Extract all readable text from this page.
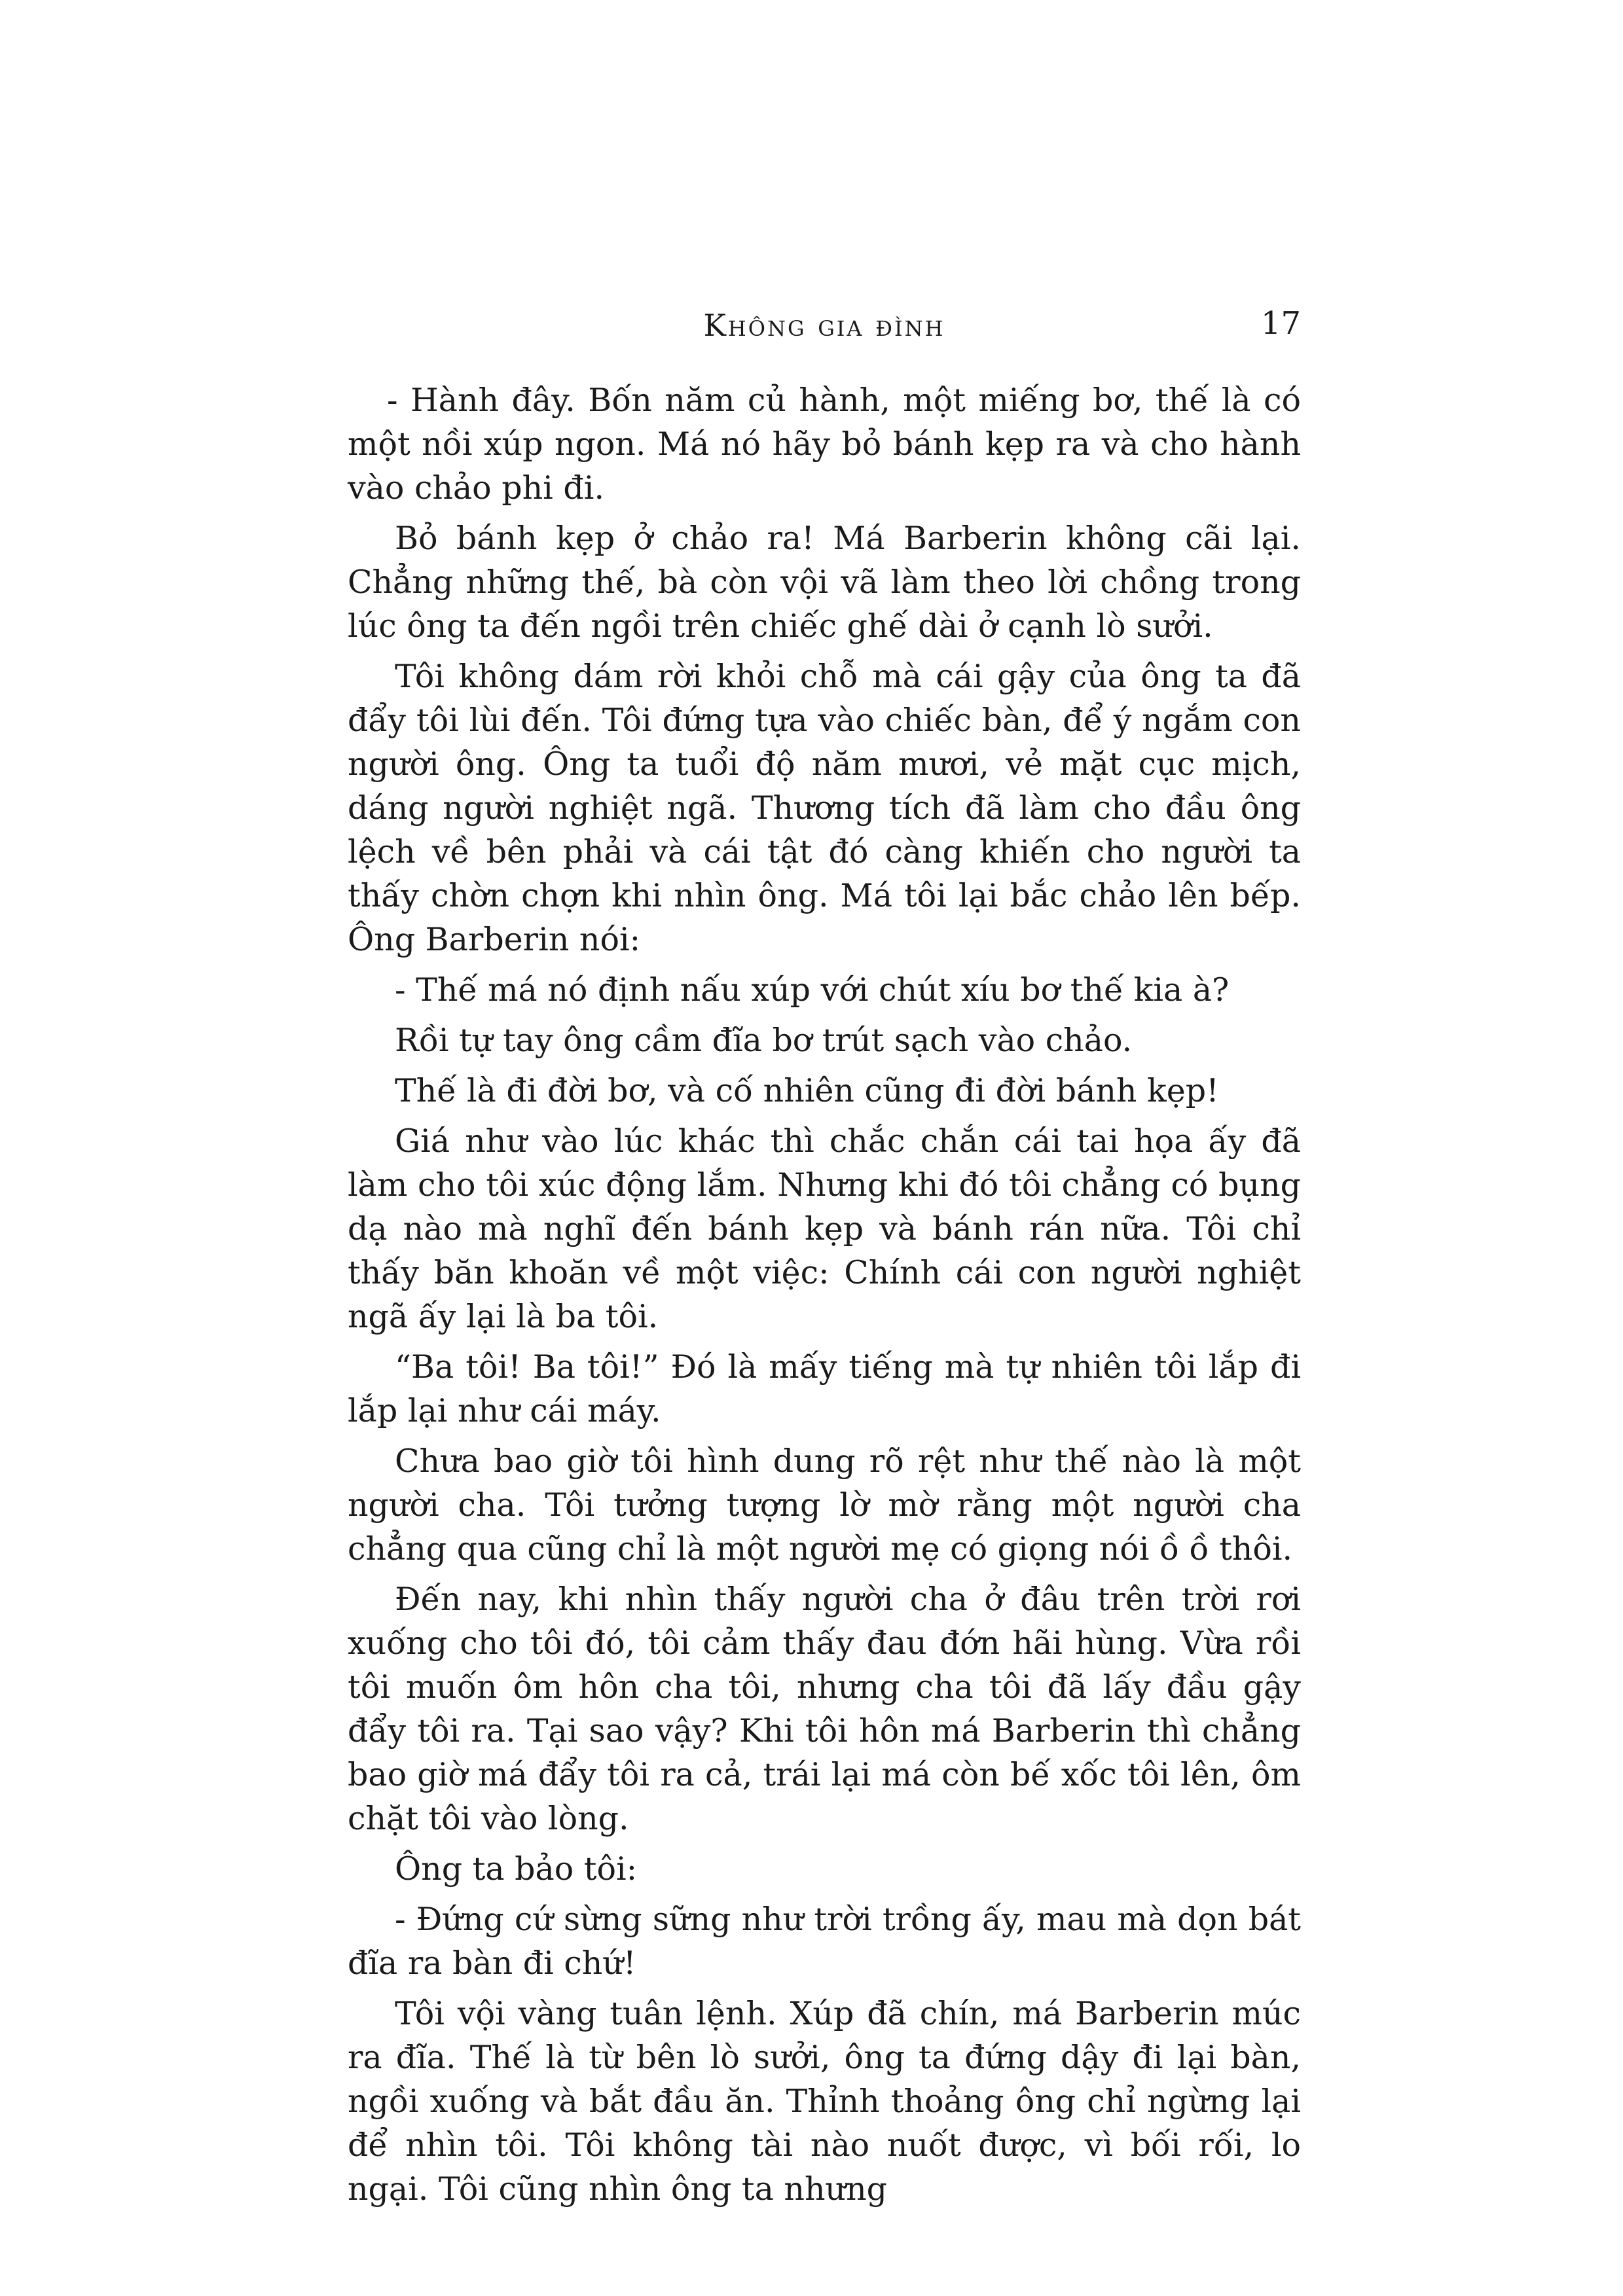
Không gia đình	17

- Hành đây. Bốn năm củ hành, một miếng bơ, thế là có một nồi xúp ngon. Má nó hãy bỏ bánh kẹp ra và cho hành vào chảo phi đi.

Bỏ bánh kẹp ở chảo ra! Má Barberin không cãi lại. Chẳng những thế, bà còn vội vã làm theo lời chồng trong lúc ông ta đến ngồi trên chiếc ghế dài ở cạnh lò sưởi.

Tôi không dám rời khỏi chỗ mà cái gậy của ông ta đã đẩy tôi lùi đến. Tôi đứng tựa vào chiếc bàn, để ý ngắm con người ông. Ông ta tuổi độ năm mươi, vẻ mặt cục mịch, dáng người nghiệt ngã. Thương tích đã làm cho đầu ông lệch về bên phải và cái tật đó càng khiến cho người ta thấy chờn chợn khi nhìn ông. Má tôi lại bắc chảo lên bếp. Ông Barberin nói:

- Thế má nó định nấu xúp với chút xíu bơ thế kia à?

Rồi tự tay ông cầm đĩa bơ trút sạch vào chảo.

Thế là đi đời bơ, và cố nhiên cũng đi đời bánh kẹp!

Giá như vào lúc khác thì chắc chắn cái tai họa ấy đã làm cho tôi xúc động lắm. Nhưng khi đó tôi chẳng có bụng dạ nào mà nghĩ đến bánh kẹp và bánh rán nữa. Tôi chỉ thấy băn khoăn về một việc: Chính cái con người nghiệt ngã ấy lại là ba tôi.

“Ba tôi! Ba tôi!” Đó là mấy tiếng mà tự nhiên tôi lắp đi lắp lại như cái máy.

Chưa bao giờ tôi hình dung rõ rệt như thế nào là một người cha. Tôi tưởng tượng lờ mờ rằng một người cha chẳng qua cũng chỉ là một người mẹ có giọng nói ồ ồ thôi.

Đến nay, khi nhìn thấy người cha ở đâu trên trời rơi xuống cho tôi đó, tôi cảm thấy đau đớn hãi hùng. Vừa rồi tôi muốn ôm hôn cha tôi, nhưng cha tôi đã lấy đầu gậy đẩy tôi ra. Tại sao vậy? Khi tôi hôn má Barberin thì chẳng bao giờ má đẩy tôi ra cả, trái lại má còn bế xốc tôi lên, ôm chặt tôi vào lòng.

Ông ta bảo tôi:

- Đứng cứ sừng sững như trời trồng ấy, mau mà dọn bát đĩa ra bàn đi chứ!

Tôi vội vàng tuân lệnh. Xúp đã chín, má Barberin múc ra đĩa. Thế là từ bên lò sưởi, ông ta đứng dậy đi lại bàn, ngồi xuống và bắt đầu ăn. Thỉnh thoảng ông chỉ ngừng lại để nhìn tôi. Tôi không tài nào nuốt được, vì bối rối, lo ngại. Tôi cũng nhìn ông ta nhưng
